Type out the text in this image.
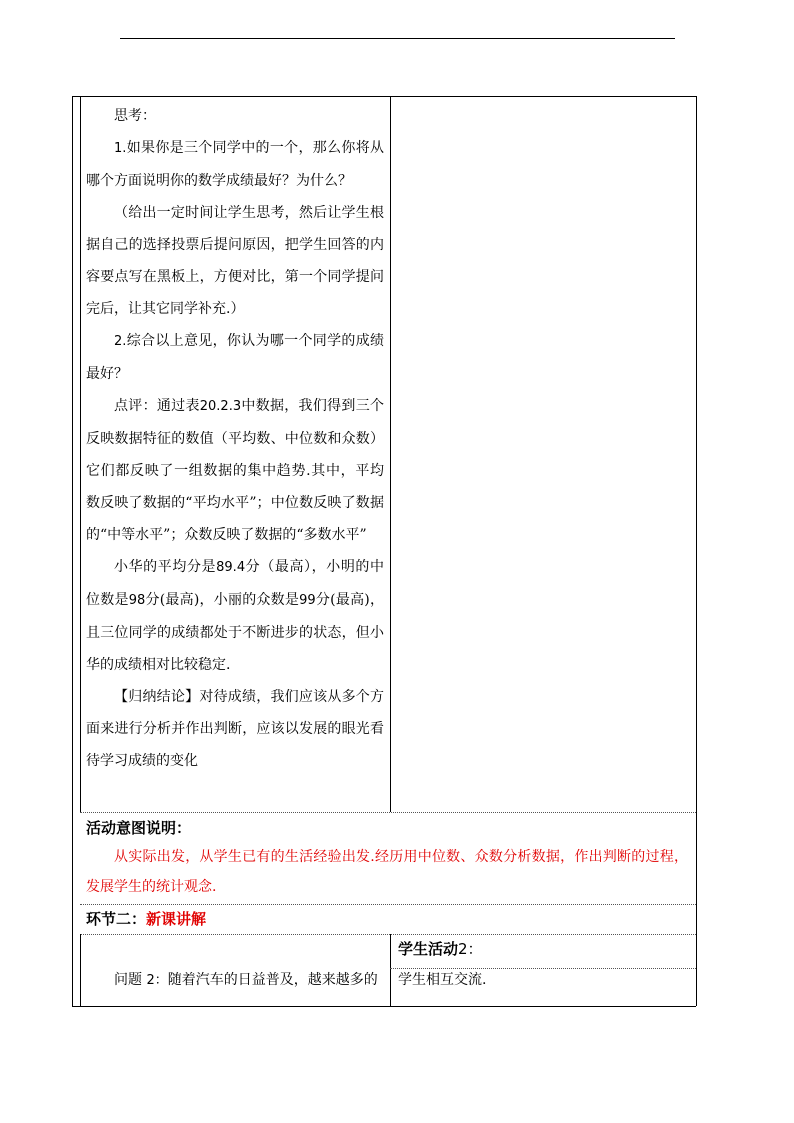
思考：

1.如果你是三个同学中的一个，那么你将从哪个方面说明你的数学成绩最好？为什么？

（给出一定时间让学生思考，然后让学生根据自己的选择投票后提问原因，把学生回答的内容要点写在黑板上，方便对比，第一个同学提问完后，让其它同学补充.）

2.综合以上意见，你认为哪一个同学的成绩最好？

点评：通过表20.2.3中数据，我们得到三个反映数据特征的数值（平均数、中位数和众数）它们都反映了一组数据的集中趋势.其中，平均数反映了数据的“平均水平”；中位数反映了数据的“中等水平”；众数反映了数据的“多数水平”

小华的平均分是89.4分（最高），小明的中位数是98分(最高)，小丽的众数是99分(最高)，且三位同学的成绩都处于不断进步的状态，但小华的成绩相对比较稳定.

【归纳结论】对待成绩，我们应该从多个方面来进行分析并作出判断，应该以发展的眼光看待学习成绩的变化

活动意图说明：

从实际出发，从学生已有的生活经验出发.经历用中位数、众数分析数据，作出判断的过程，发展学生的统计观念.

环节二：新课讲解

问题 2：随着汽车的日益普及，越来越多的

学生活动2：
学生相互交流.
